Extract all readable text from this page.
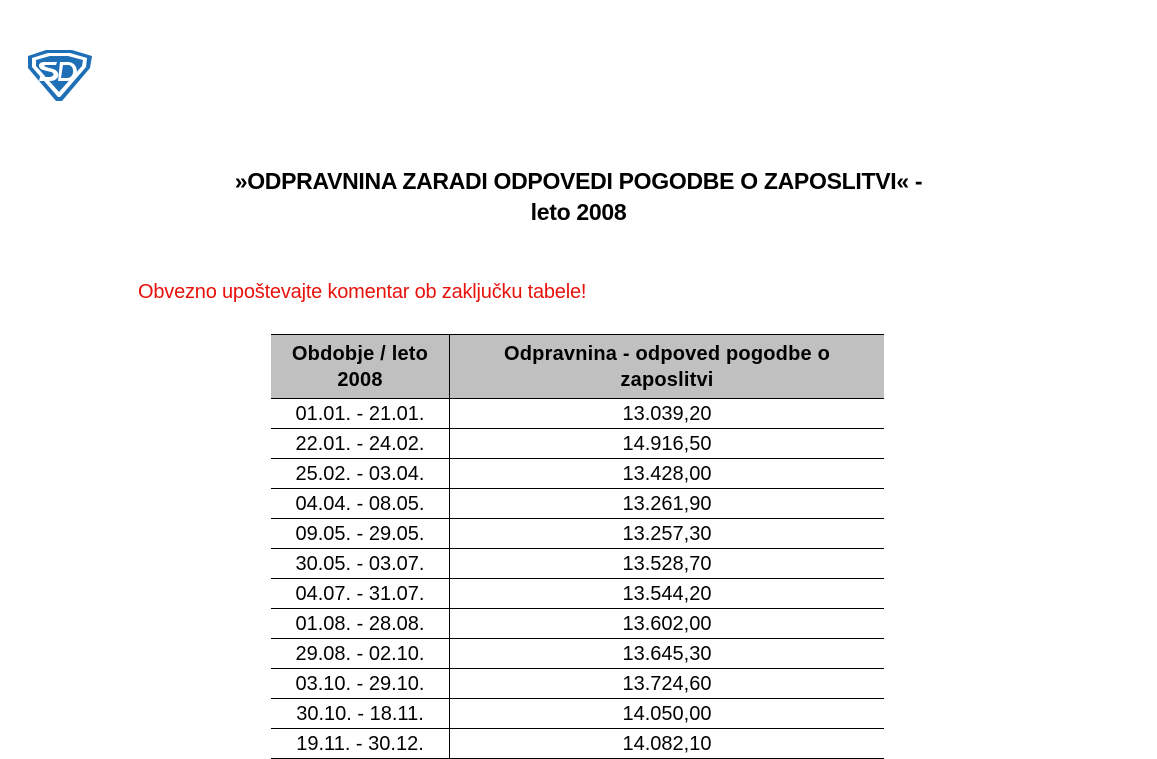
»ODPRAVNINA ZARADI ODPOVEDI POGODBE O ZAPOSLITVI« -
leto 2008
Obvezno upoštevajte komentar ob zaključku tabele!
Obdobje / leto 2008	Odpravnina - odpoved pogodbe o zaposlitvi
01.01. - 21.01.	13.039,20
22.01. - 24.02.	14.916,50
25.02. - 03.04.	13.428,00
04.04. - 08.05.	13.261,90
09.05. - 29.05.	13.257,30
30.05. - 03.07.	13.528,70
04.07. - 31.07.	13.544,20
01.08. - 28.08.	13.602,00
29.08. - 02.10.	13.645,30
03.10. - 29.10.	13.724,60
30.10. - 18.11.	14.050,00
19.11. - 30.12.	14.082,10
